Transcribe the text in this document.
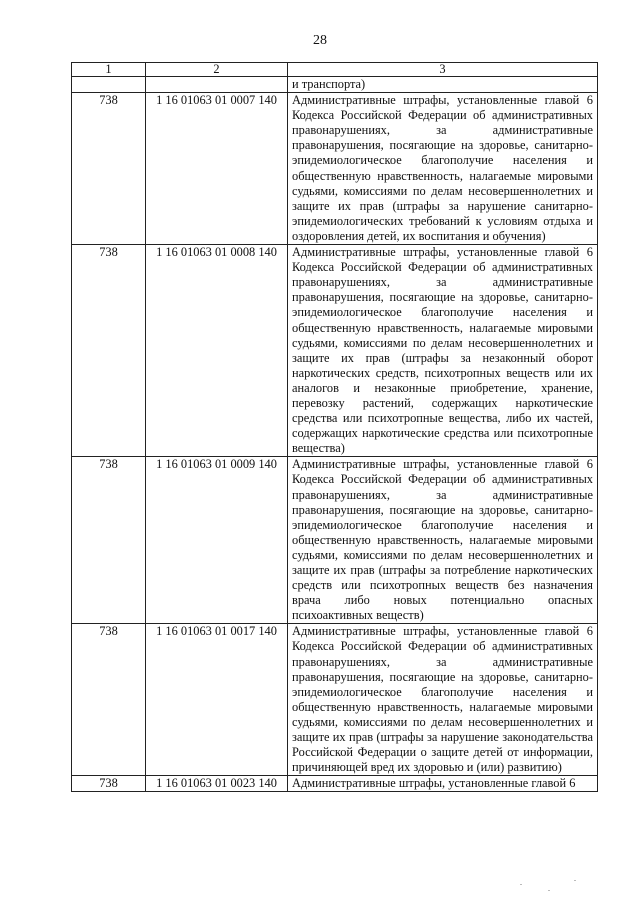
28
1	2	3
		и транспорта)
738	1 16 01063 01 0007 140	Административные штрафы, установленные главой 6 Кодекса Российской Федерации об административных правонарушениях, за административные правонарушения, посягающие на здоровье, санитарно-эпидемиологическое благополучие населения и общественную нравственность, налагаемые мировыми судьями, комиссиями по делам несовершеннолетних и защите их прав (штрафы за нарушение санитарно-эпидемиологических требований к условиям отдыха и оздоровления детей, их воспитания и обучения)
738	1 16 01063 01 0008 140	Административные штрафы, установленные главой 6 Кодекса Российской Федерации об административных правонарушениях, за административные правонарушения, посягающие на здоровье, санитарно-эпидемиологическое благополучие населения и общественную нравственность, налагаемые мировыми судьями, комиссиями по делам несовершеннолетних и защите их прав (штрафы за незаконный оборот наркотических средств, психотропных веществ или их аналогов и незаконные приобретение, хранение, перевозку растений, содержащих наркотические средства или психотропные вещества, либо их частей, содержащих наркотические средства или психотропные вещества)
738	1 16 01063 01 0009 140	Административные штрафы, установленные главой 6 Кодекса Российской Федерации об административных правонарушениях, за административные правонарушения, посягающие на здоровье, санитарно-эпидемиологическое благополучие населения и общественную нравственность, налагаемые мировыми судьями, комиссиями по делам несовершеннолетних и защите их прав (штрафы за потребление наркотических средств или психотропных веществ без назначения врача либо новых потенциально опасных психоактивных веществ)
738	1 16 01063 01 0017 140	Административные штрафы, установленные главой 6 Кодекса Российской Федерации об административных правонарушениях, за административные правонарушения, посягающие на здоровье, санитарно-эпидемиологическое благополучие населения и общественную нравственность, налагаемые мировыми судьями, комиссиями по делам несовершеннолетних и защите их прав (штрафы за нарушение законодательства Российской Федерации о защите детей от информации, причиняющей вред их здоровью и (или) развитию)
738	1 16 01063 01 0023 140	Административные штрафы, установленные главой 6
